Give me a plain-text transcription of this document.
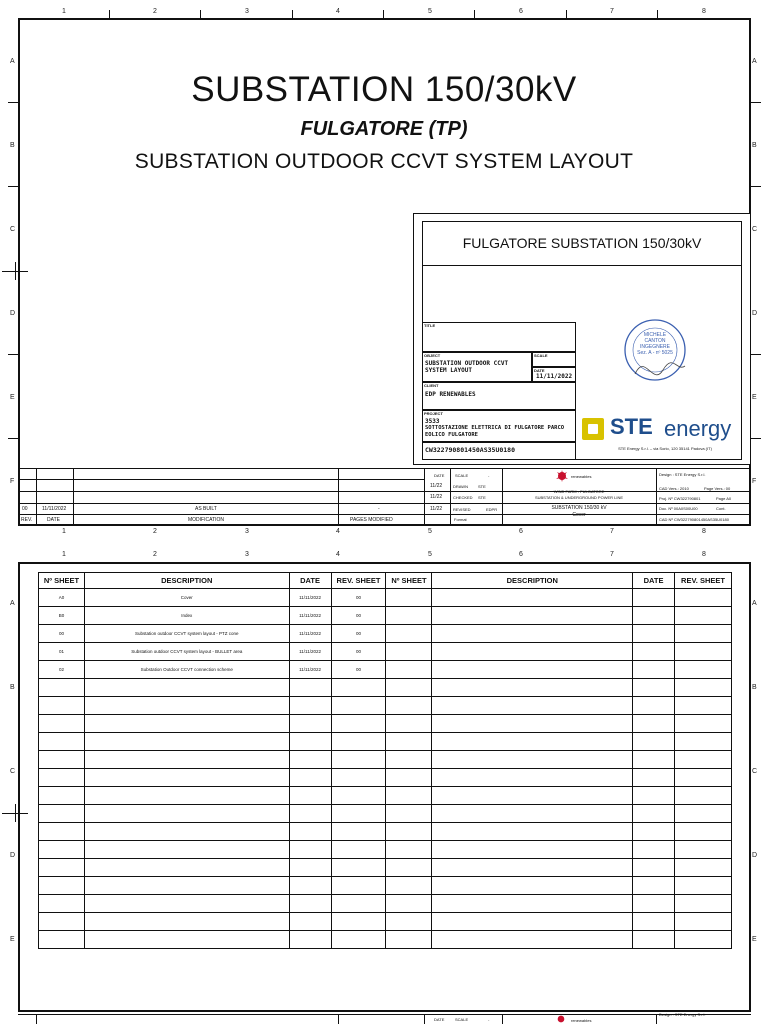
1	2	3	4	5	6	7	8
A
B
C
D
E
F
A
B
C
D
E
F
SUBSTATION 150/30kV
FULGATORE (TP)
SUBSTATION OUTDOOR CCVT SYSTEM LAYOUT
FULGATORE SUBSTATION 150/30kV
TITLE
OBJECT
SUBSTATION OUTDOOR CCVT SYSTEM LAYOUT
SCALE
DATE
11/11/2022
CLIENT
EDP RENEWABLES
PROJECT
3533
SOTTOSTAZIONE ELETTRICA DI FULGATORE PARCO EOLICO FULGATORE
CW322790801450AS35U0180
MICHELE
CANTON
INGEGNERE
Sez. A - nº 5025
STE energy
STE Energy S.r.l. – via Sorio, 120 35141 Padova (IT)
00	11/11/2022	AS BUILT	-
REV.	DATE	MODIFICATION	PAGES MODIFIED
DATE	SCALE	-
11/22	DRAWN	STE
11/22	CHECKED STE
11/22	REVISED	EDPR
Format
renewables
WIND FARM - FULGATORE
SUBSTATION & UNDERGROUND POWER LINE
SUBSTATION 150/30 kV
Cover
Design : STE Energy S.r.l.
CAD Vers.: 2010	Page Vers.: 00
Proj. Nº CW322790801	Page A0
Doc. Nº 00A0S00U00	Cont.
CAD Nº CW322790801450AS35U0180
1	2	3	4	5	6	7	8
1	2	3	4	5	6	7	8
A
B
C
D
E
A
B
C
D
E
Nº SHEET	DESCRIPTION	DATE	REV. SHEET	Nº SHEET	DESCRIPTION	DATE	REV. SHEET
A0	Cover	11/11/2022	00				
B0	Index	11/11/2022	00				
00	Substation outdoor CCVT system layout - PTZ cone	11/11/2022	00				
01	Substation outdoor CCVT system layout - BULLET area	11/11/2022	00				
02	Substation Outdoor CCVT connection scheme	11/11/2022	00				

DATE	SCALE	-	renewables
Design : STE Energy S.r.l.
